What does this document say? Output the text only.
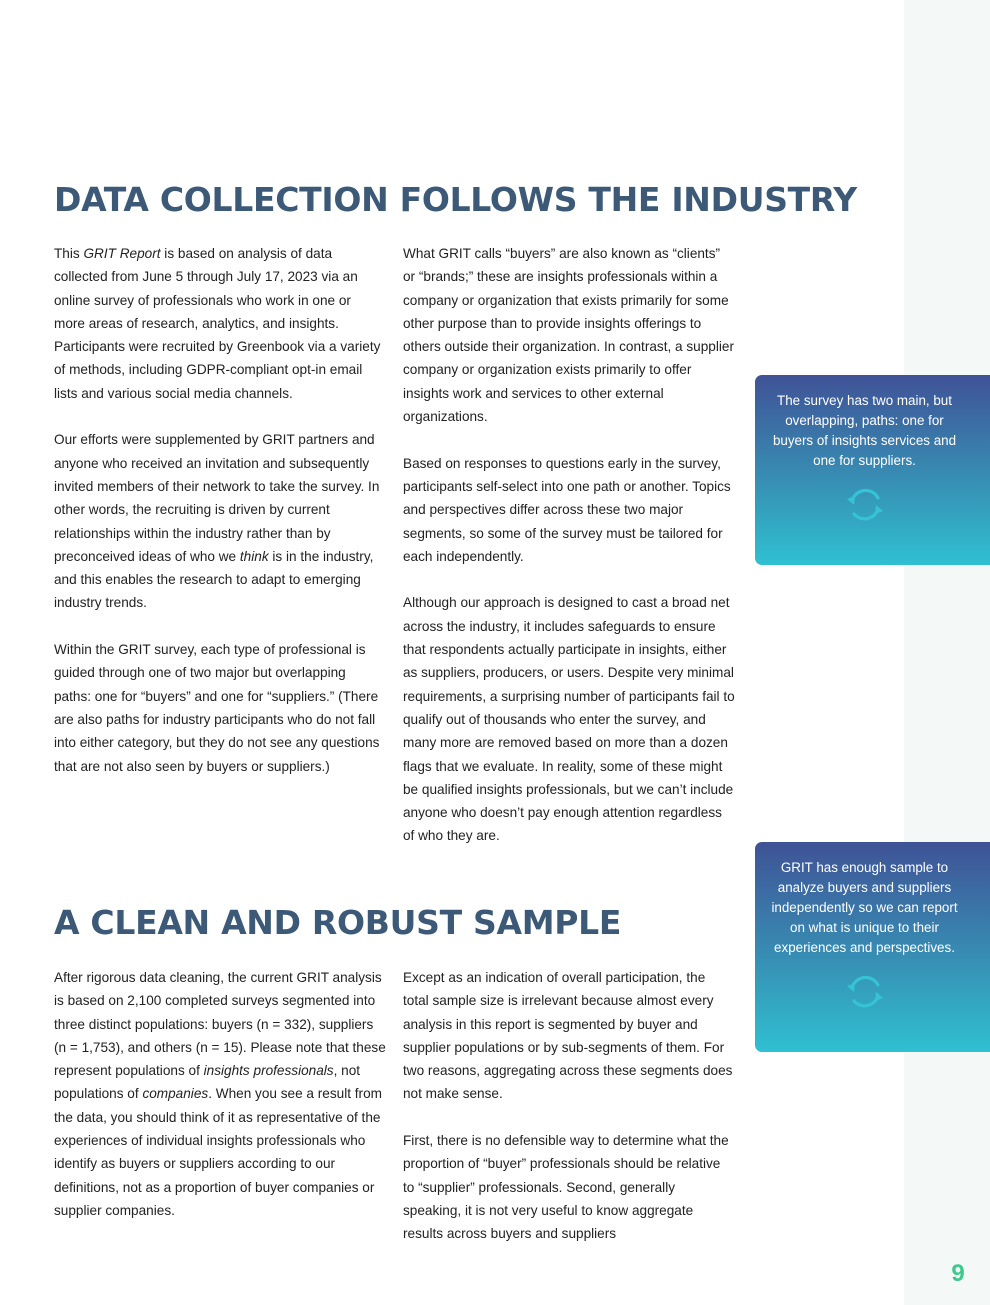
DATA COLLECTION FOLLOWS THE INDUSTRY

This GRIT Report is based on analysis of data collected from June 5 through July 17, 2023 via an online survey of professionals who work in one or more areas of research, analytics, and insights. Participants were recruited by Greenbook via a variety of methods, including GDPR-compliant opt-in email lists and various social media channels.

Our efforts were supplemented by GRIT partners and anyone who received an invitation and subsequently invited members of their network to take the survey. In other words, the recruiting is driven by current relationships within the industry rather than by preconceived ideas of who we think is in the industry, and this enables the research to adapt to emerging industry trends.

Within the GRIT survey, each type of professional is guided through one of two major but overlapping paths: one for “buyers” and one for “suppliers.” (There are also paths for industry participants who do not fall into either category, but they do not see any questions that are not also seen by buyers or suppliers.)

What GRIT calls “buyers” are also known as “clients” or “brands;” these are insights professionals within a company or organization that exists primarily for some other purpose than to provide insights offerings to others outside their organization. In contrast, a supplier company or organization exists primarily to offer insights work and services to other external organizations.

Based on responses to questions early in the survey, participants self-select into one path or another. Topics and perspectives differ across these two major segments, so some of the survey must be tailored for each independently.

Although our approach is designed to cast a broad net across the industry, it includes safeguards to ensure that respondents actually participate in insights, either as suppliers, producers, or users. Despite very minimal requirements, a surprising number of participants fail to qualify out of thousands who enter the survey, and many more are removed based on more than a dozen flags that we evaluate. In reality, some of these might be qualified insights professionals, but we can’t include anyone who doesn’t pay enough attention regardless of who they are.

A CLEAN AND ROBUST SAMPLE

After rigorous data cleaning, the current GRIT analysis is based on 2,100 completed surveys segmented into three distinct populations: buyers (n = 332), suppliers (n = 1,753), and others (n = 15). Please note that these represent populations of insights professionals, not populations of companies. When you see a result from the data, you should think of it as representative of the experiences of individual insights professionals who identify as buyers or suppliers according to our definitions, not as a proportion of buyer companies or supplier companies.

Except as an indication of overall participation, the total sample size is irrelevant because almost every analysis in this report is segmented by buyer and supplier populations or by sub-segments of them. For two reasons, aggregating across these segments does not make sense.

First, there is no defensible way to determine what the proportion of “buyer” professionals should be relative to “supplier” professionals. Second, generally speaking, it is not very useful to know aggregate results across buyers and suppliers

The survey has two main, but overlapping, paths: one for buyers of insights services and one for suppliers.
GRIT has enough sample to analyze buyers and suppliers independently so we can report on what is unique to their experiences and perspectives.
9
